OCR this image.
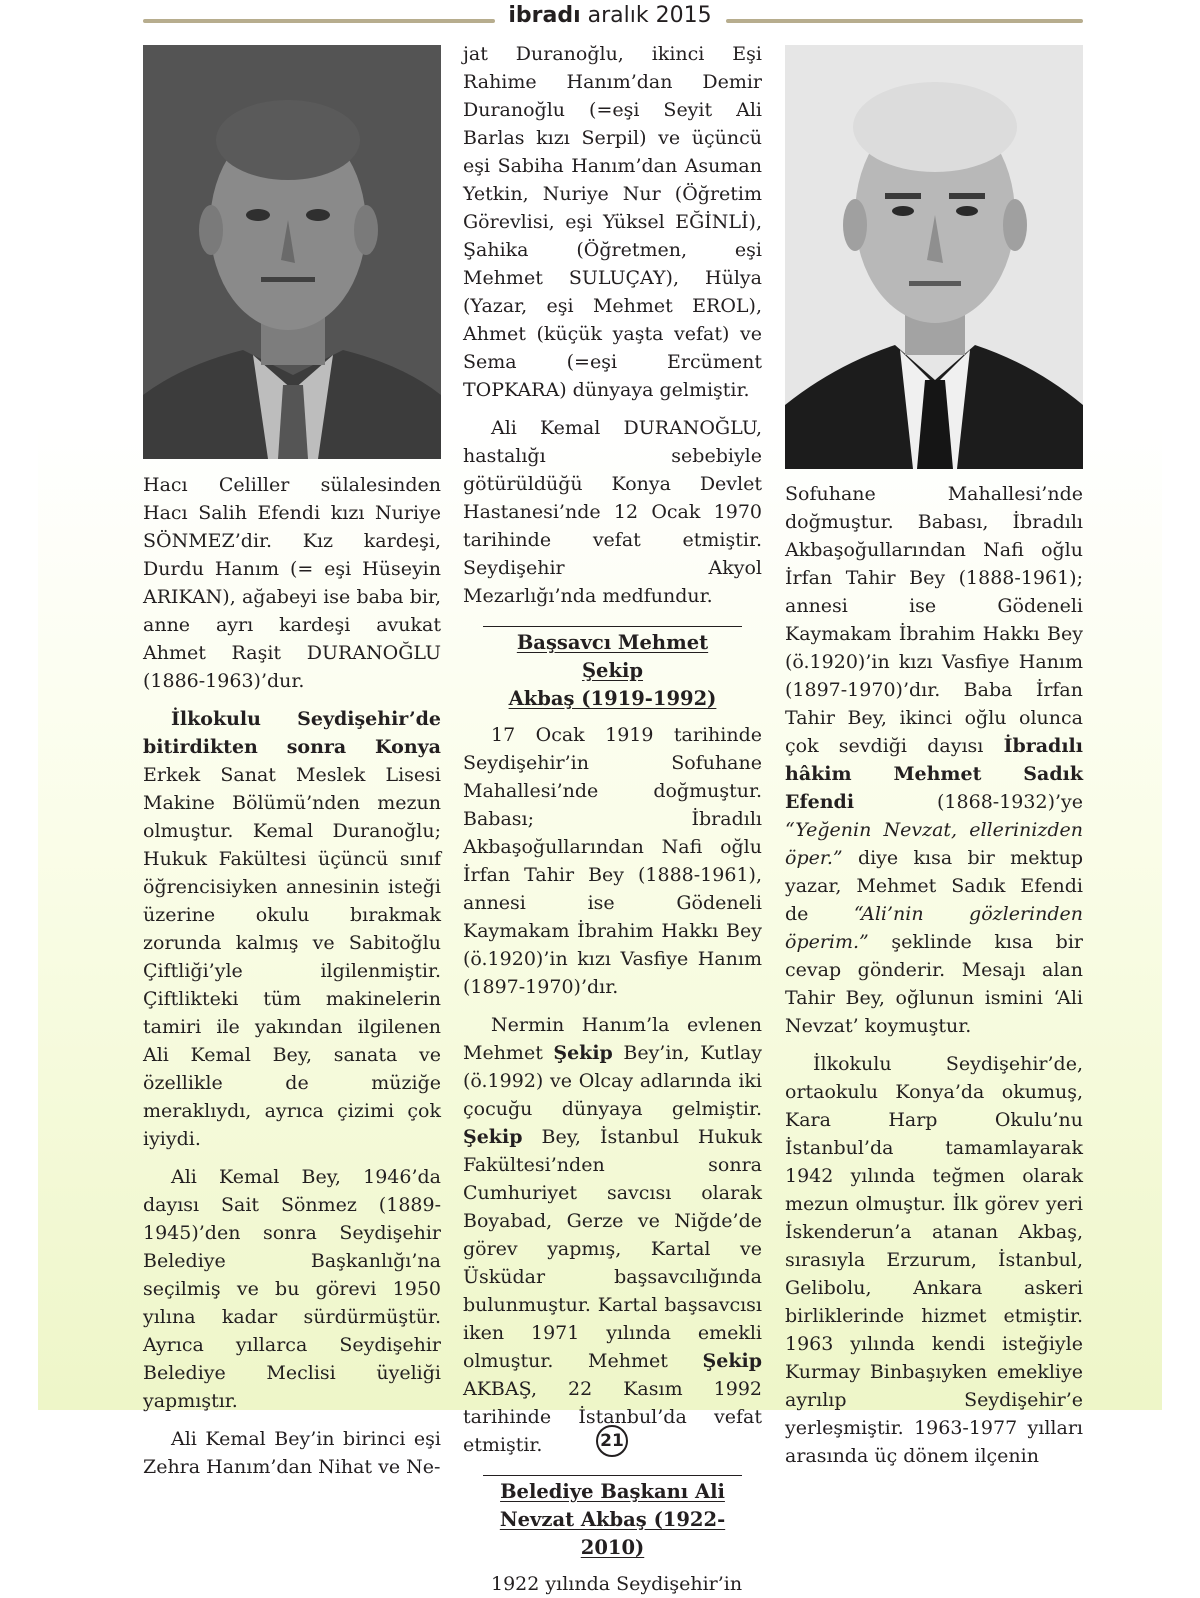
ibradı aralık 2015

Hacı Celiller sülalesinden Hacı Salih Efendi kızı Nuriye SÖNMEZ’dir. Kız kardeşi, Durdu Hanım (= eşi Hüseyin ARIKAN), ağabeyi ise baba bir, anne ayrı kardeşi avukat Ahmet Raşit DURANOĞLU (1886-1963)’dur.

İlkokulu Seydişehir’de bitirdikten sonra Konya Erkek Sanat Meslek Lisesi Makine Bölümü’nden mezun olmuştur. Kemal Duranoğlu; Hukuk Fakültesi üçüncü sınıf öğrencisiyken annesinin isteği üzerine okulu bırakmak zorunda kalmış ve Sabitoğlu Çiftliği’yle ilgilenmiştir. Çiftlikteki tüm makinelerin tamiri ile yakından ilgilenen Ali Kemal Bey, sanata ve özellikle de müziğe meraklıydı, ayrıca çizimi çok iyiydi.

Ali Kemal Bey, 1946’da dayısı Sait Sönmez (1889-1945)’den sonra Seydişehir Belediye Başkanlığı’na seçilmiş ve bu görevi 1950 yılına kadar sürdürmüştür. Ayrıca yıllarca Seydişehir Belediye Meclisi üyeliği yapmıştır.

Ali Kemal Bey’in birinci eşi Zehra Hanım’dan Nihat ve Ne-

jat Duranoğlu, ikinci Eşi Rahime Hanım’dan Demir Duranoğlu (=eşi Seyit Ali Barlas kızı Serpil) ve üçüncü eşi Sabiha Hanım’dan Asuman Yetkin, Nuriye Nur (Öğretim Görevlisi, eşi Yüksel EĞİNLİ), Şahika (Öğretmen, eşi Mehmet SULUÇAY), Hülya (Yazar, eşi Mehmet EROL), Ahmet (küçük yaşta vefat) ve Sema (=eşi Ercüment TOPKARA) dünyaya gelmiştir.

Ali Kemal DURANOĞLU, hastalığı sebebiyle götürüldüğü Konya Devlet Hastanesi’nde 12 Ocak 1970 tarihinde vefat etmiştir. Seydişehir Akyol Mezarlığı’nda medfundur.

Başsavcı Mehmet Şekip
Akbaş (1919-1992)

17 Ocak 1919 tarihinde Seydişehir’in Sofuhane Mahallesi’nde doğmuştur. Babası; İbradılı Akbaşoğullarından Nafi oğlu İrfan Tahir Bey (1888-1961), annesi ise Gödeneli Kaymakam İbrahim Hakkı Bey (ö.1920)’in kızı Vasfiye Hanım (1897-1970)’dır.

Nermin Hanım’la evlenen Mehmet Şekip Bey’in, Kutlay (ö.1992) ve Olcay adlarında iki çocuğu dünyaya gelmiştir. Şekip Bey, İstanbul Hukuk Fakültesi’nden sonra Cumhuriyet savcısı olarak Boyabad, Gerze ve Niğde’de görev yapmış, Kartal ve Üsküdar başsavcılığında bulunmuştur. Kartal başsavcısı iken 1971 yılında emekli olmuştur. Mehmet Şekip AKBAŞ, 22 Kasım 1992 tarihinde İstanbul’da vefat etmiştir.

Belediye Başkanı Ali
Nevzat Akbaş (1922-2010)

1922 yılında Seydişehir’in

Sofuhane Mahallesi’nde doğmuştur. Babası, İbradılı Akbaşoğullarından Nafi oğlu İrfan Tahir Bey (1888-1961); annesi ise Gödeneli Kaymakam İbrahim Hakkı Bey (ö.1920)’in kızı Vasfiye Hanım (1897-1970)’dır. Baba İrfan Tahir Bey, ikinci oğlu olunca çok sevdiği dayısı İbradılı hâkim Mehmet Sadık Efendi (1868-1932)’ye “Yeğenin Nevzat, ellerinizden öper.” diye kısa bir mektup yazar, Mehmet Sadık Efendi de “Ali’nin gözlerinden öperim.” şeklinde kısa bir cevap gönderir. Mesajı alan Tahir Bey, oğlunun ismini ‘Ali Nevzat’ koymuştur.

İlkokulu Seydişehir’de, ortaokulu Konya’da okumuş, Kara Harp Okulu’nu İstanbul’da tamamlayarak 1942 yılında teğmen olarak mezun olmuştur. İlk görev yeri İskenderun’a atanan Akbaş, sırasıyla Erzurum, İstanbul, Gelibolu, Ankara askeri birliklerinde hizmet etmiştir. 1963 yılında kendi isteğiyle Kurmay Binbaşıyken emekliye ayrılıp Seydişehir’e yerleşmiştir. 1963-1977 yılları arasında üç dönem ilçenin

21
